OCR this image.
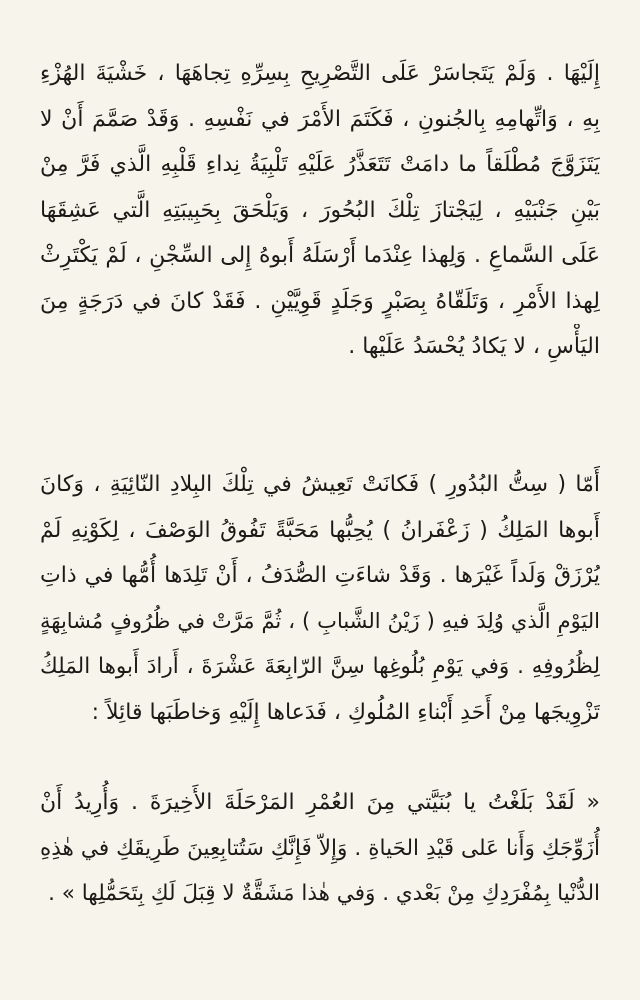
إِلَيْهَا . وَلَمْ يَتَجاسَرْ عَلَى التَّصْرِيحِ بِسِرِّهِ تِجاهَهَا ، خَشْيَةَ الهُزْءِ
بِهِ ، وَاتِّهامِهِ بِالجُنونِ ، فَكَتَمَ الأَمْرَ في نَفْسِهِ . وَقَدْ صَمَّمَ أَنْ لا
يَتَزَوَّجَ مُطْلَقاً ما دامَتْ تَتَعَذَّرُ عَلَيْهِ تَلْبِيَةُ نِداءِ قَلْبِهِ الَّذي فَرَّ مِنْ
بَيْنِ جَنْبَيْهِ ، لِيَجْتازَ تِلْكَ البُحُورَ ، وَيَلْحَقَ بِحَبِيبَتِهِ الَّتي عَشِقَهَا
عَلَى السَّماعِ . وَلِهذا عِنْدَما أَرْسَلَهُ أَبوهُ إِلى السِّجْنِ ، لَمْ يَكْتَرِثْ
لِهذا الأَمْرِ ، وَتَلَقّاهُ بِصَبْرٍ وَجَلَدٍ قَوِيَّيْنِ . فَقَدْ كانَ في دَرَجَةٍ مِنَ
اليَأْسِ ، لا يَكادُ يُحْسَدُ عَلَيْها .
أَمّا ( سِتُّ البُدُورِ ) فَكانَتْ تَعِيشُ في تِلْكَ البِلادِ النّائِيَةِ ، وَكانَ
أَبوها المَلِكُ ( زَعْفَرانُ ) يُحِبُّها مَحَبَّةً تَفُوقُ الوَصْفَ ، لِكَوْنِهِ لَمْ
يُرْزَقْ وَلَداً غَيْرَها . وَقَدْ شاءَتِ الصُّدَفُ ، أَنْ تَلِدَها أُمُّها في ذاتِ
اليَوْمِ الَّذي وُلِدَ فيهِ ( زَيْنُ الشَّبابِ ) ، ثُمَّ مَرَّتْ في ظُرُوفٍ مُشابِهَةٍ
لِظُرُوفِهِ . وَفي يَوْمِ بُلُوغِها سِنَّ الرّابِعَةَ عَشْرَةَ ، أَرادَ أَبوها المَلِكُ
تَزْوِيجَها مِنْ أَحَدِ أَبْناءِ المُلُوكِ ، فَدَعاها إِلَيْهِ وَخاطَبَها قائِلاً :
« لَقَدْ بَلَغْتُ يا بُنَيَّتي مِنَ العُمْرِ المَرْحَلَةَ الأَخِيرَةَ . وَأُرِيدُ أَنْ
أُزَوِّجَكِ وَأَنا عَلى قَيْدِ الحَياةِ . وَإِلاّ فَإِنَّكِ سَتُتابِعِينَ طَرِيقَكِ في هٰذِهِ
الدُّنْيا بِمُفْرَدِكِ مِنْ بَعْدي . وَفي هٰذا مَشَقَّةٌ لا قِبَلَ لَكِ بِتَحَمُّلِها » .
